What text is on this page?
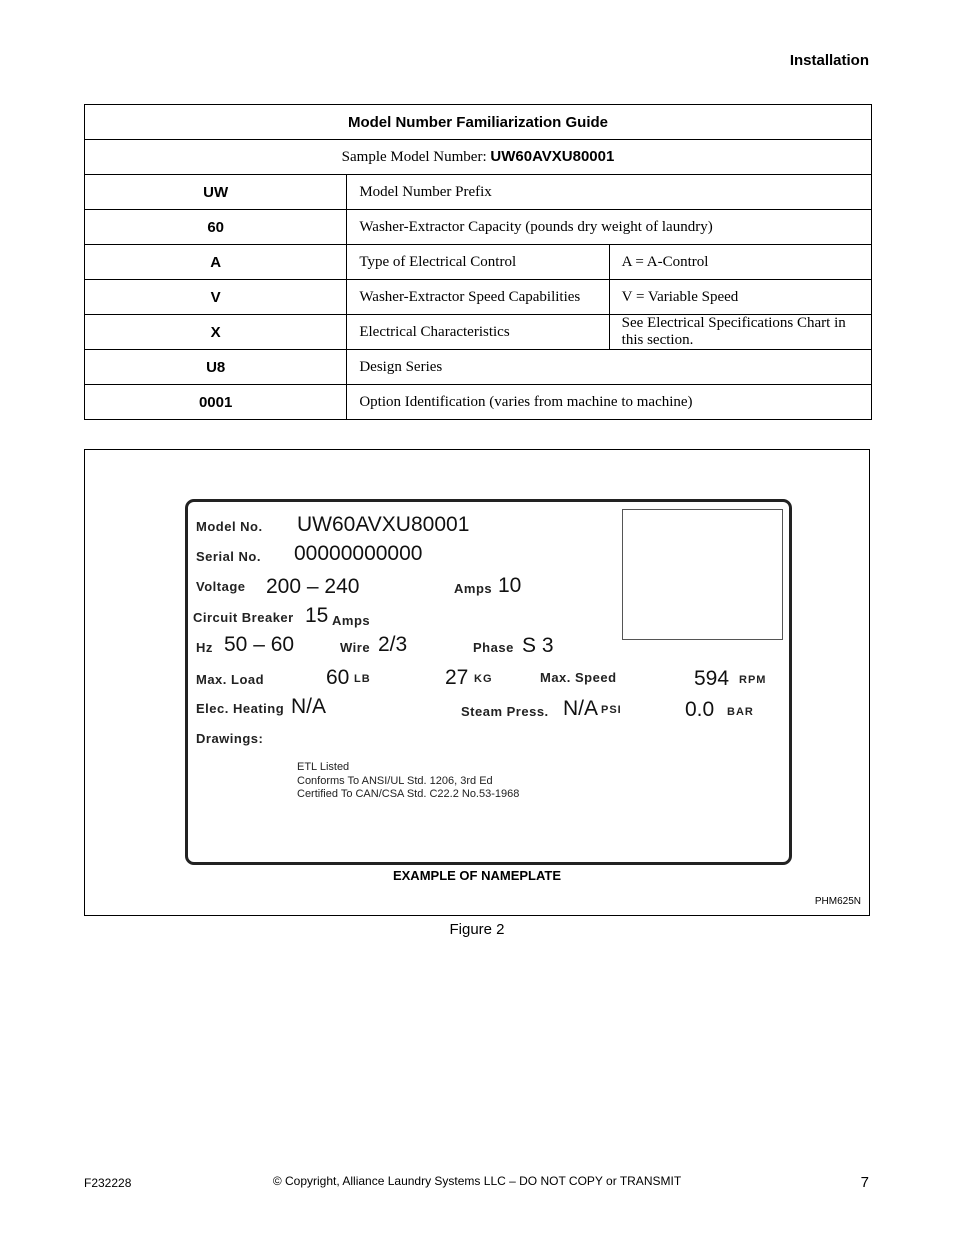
Installation
Model Number Familiarization Guide		
Sample Model Number: UW60AVXU80001		
UW	Model Number Prefix	
60	Washer-Extractor Capacity (pounds dry weight of laundry)	
A	Type of Electrical Control	A = A-Control
V	Washer-Extractor Speed Capabilities	V = Variable Speed
X	Electrical Characteristics	See Electrical Specifications Chart in this section.
U8	Design Series	
0001	Option Identification (varies from machine to machine)	
Model No. UW60AVXU80001
Serial No. 00000000000
Voltage 200 – 240	Amps 10
Circuit Breaker 15 Amps
Hz 50 – 60	Wire 2/3	Phase S 3
Max. Load	60 LB	27 KG	Max. Speed	594 RPM
Elec. Heating N/A	Steam Press. N/A PSI	0.0 BAR
Drawings:
ETL Listed
Conforms To ANSI/UL Std. 1206, 3rd Ed
Certified To CAN/CSA Std. C22.2 No.53-1968
EXAMPLE OF NAMEPLATE
PHM625N
Figure 2
F232228	© Copyright, Alliance Laundry Systems LLC – DO NOT COPY or TRANSMIT	7
